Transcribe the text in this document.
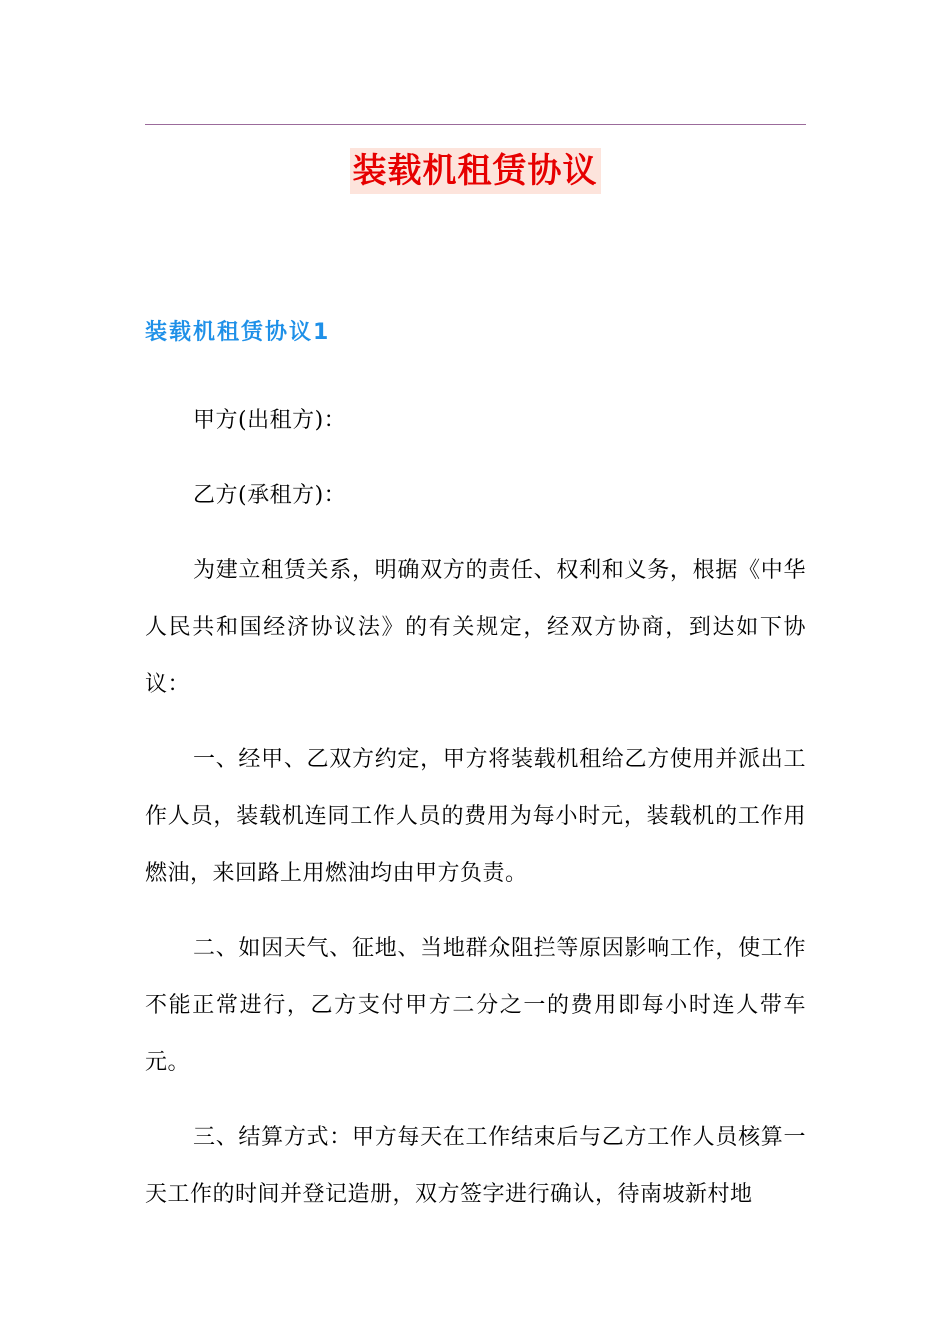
装载机租赁协议
装载机租赁协议1

甲方(出租方)：

乙方(承租方)：

为建立租赁关系，明确双方的责任、权利和义务，根据《中华人民共和国经济协议法》的有关规定，经双方协商，到达如下协议：

一、经甲、乙双方约定，甲方将装载机租给乙方使用并派出工作人员，装载机连同工作人员的费用为每小时元，装载机的工作用燃油，来回路上用燃油均由甲方负责。

二、如因天气、征地、当地群众阻拦等原因影响工作，使工作不能正常进行，乙方支付甲方二分之一的费用即每小时连人带车元。

三、结算方式：甲方每天在工作结束后与乙方工作人员核算一天工作的时间并登记造册，双方签字进行确认，待南坡新村地
